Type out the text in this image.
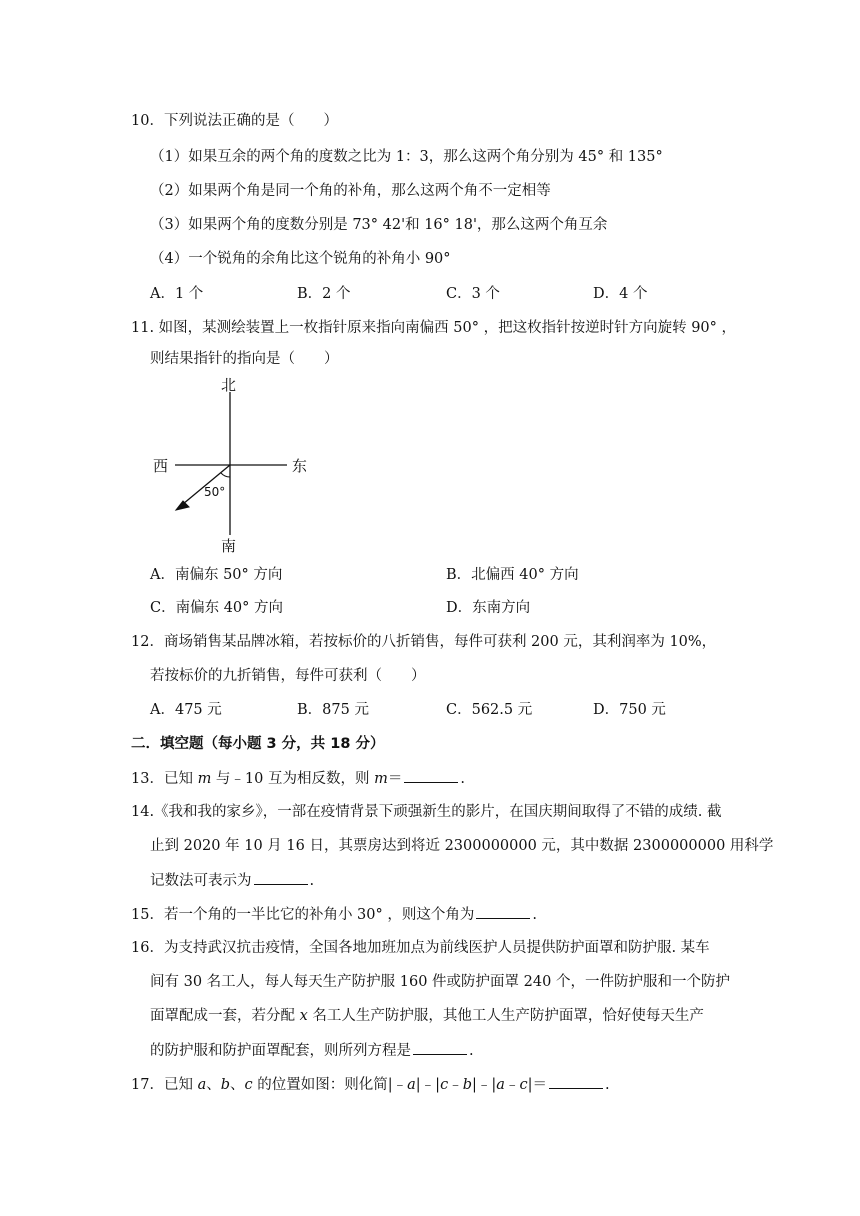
10．下列说法正确的是（　　）
（1）如果互余的两个角的度数之比为 1：3，那么这两个角分别为 45° 和 135°
（2）如果两个角是同一个角的补角，那么这两个角不一定相等
（3）如果两个角的度数分别是 73° 42'和 16° 18'，那么这两个角互余
（4）一个锐角的余角比这个锐角的补角小 90°
A．1 个	B．2 个	C．3 个	D．4 个
11. 如图，某测绘装置上一枚指针原来指向南偏西 50° ，把这枚指针按逆时针方向旋转 90° ，
则结果指针的指向是（　　）
北
南
西	东
50°
A．南偏东 50° 方向	B．北偏西 40° 方向
C．南偏东 40° 方向	D．东南方向
12．商场销售某品牌冰箱，若按标价的八折销售，每件可获利 200 元，其利润率为 10%，
若按标价的九折销售，每件可获利（　　）
A．475 元	B．875 元	C．562.5 元	D．750 元
二．填空题（每小题 3 分，共 18 分）
13．已知 m 与﹣10 互为相反数，则 m＝	.
14.《我和我的家乡》，一部在疫情背景下顽强新生的影片，在国庆期间取得了不错的成绩. 截
止到 2020 年 10 月 16 日，其票房达到将近 2300000000 元，其中数据 2300000000 用科学
记数法可表示为	.
15．若一个角的一半比它的补角小 30° ，则这个角为	.
16．为支持武汉抗击疫情，全国各地加班加点为前线医护人员提供防护面罩和防护服. 某车
间有 30 名工人，每人每天生产防护服 160 件或防护面罩 240 个，一件防护服和一个防护
面罩配成一套，若分配 x 名工人生产防护服，其他工人生产防护面罩，恰好使每天生产
的防护服和防护面罩配套，则所列方程是	.
17．已知 a、b、c 的位置如图：则化简|﹣a|﹣|c﹣b|﹣|a﹣c|＝	.
